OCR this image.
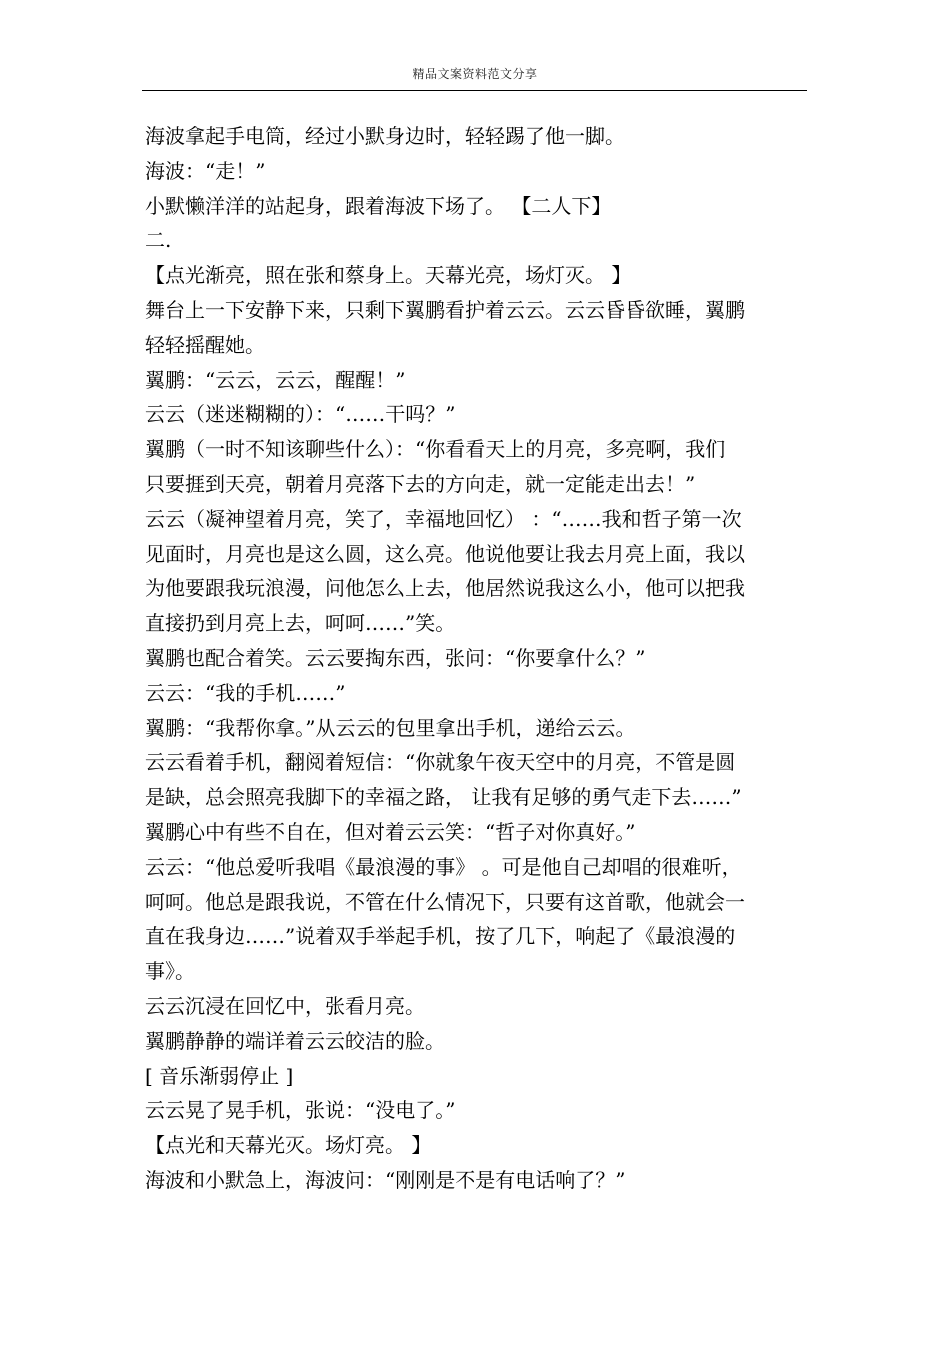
精品文案资料范文分享
海波拿起手电筒，经过小默身边时，轻轻踢了他一脚。
海波：“走！”
小默懒洋洋的站起身，跟着海波下场了。 【二人下】
二.
【点光渐亮，照在张和蔡身上。天幕光亮，场灯灭。 】
舞台上一下安静下来，只剩下翼鹏看护着云云。云云昏昏欲睡，翼鹏
轻轻摇醒她。
翼鹏：“云云，云云，醒醒！”
云云（迷迷糊糊的）：“……干吗？”
翼鹏（一时不知该聊些什么）：“你看看天上的月亮，多亮啊，我们
只要捱到天亮，朝着月亮落下去的方向走，就一定能走出去！”
云云（凝神望着月亮，笑了，幸福地回忆） ：“……我和哲子第一次
见面时，月亮也是这么圆，这么亮。他说他要让我去月亮上面，我以
为他要跟我玩浪漫，问他怎么上去，他居然说我这么小，他可以把我
直接扔到月亮上去，呵呵……”笑。
翼鹏也配合着笑。云云要掏东西，张问：“你要拿什么？”
云云：“我的手机……”
翼鹏：“我帮你拿。”从云云的包里拿出手机，递给云云。
云云看着手机，翻阅着短信：“你就象午夜天空中的月亮，不管是圆
是缺，总会照亮我脚下的幸福之路， 让我有足够的勇气走下去……”
翼鹏心中有些不自在，但对着云云笑：“哲子对你真好。”
云云：“他总爱听我唱《最浪漫的事》 。可是他自己却唱的很难听，
呵呵。他总是跟我说，不管在什么情况下，只要有这首歌，他就会一
直在我身边……”说着双手举起手机，按了几下，响起了《最浪漫的
事》。
云云沉浸在回忆中，张看月亮。
翼鹏静静的端详着云云皎洁的脸。
[ 音乐渐弱停止 ]
云云晃了晃手机，张说：“没电了。”
【点光和天幕光灭。场灯亮。 】
海波和小默急上，海波问：“刚刚是不是有电话响了？”
